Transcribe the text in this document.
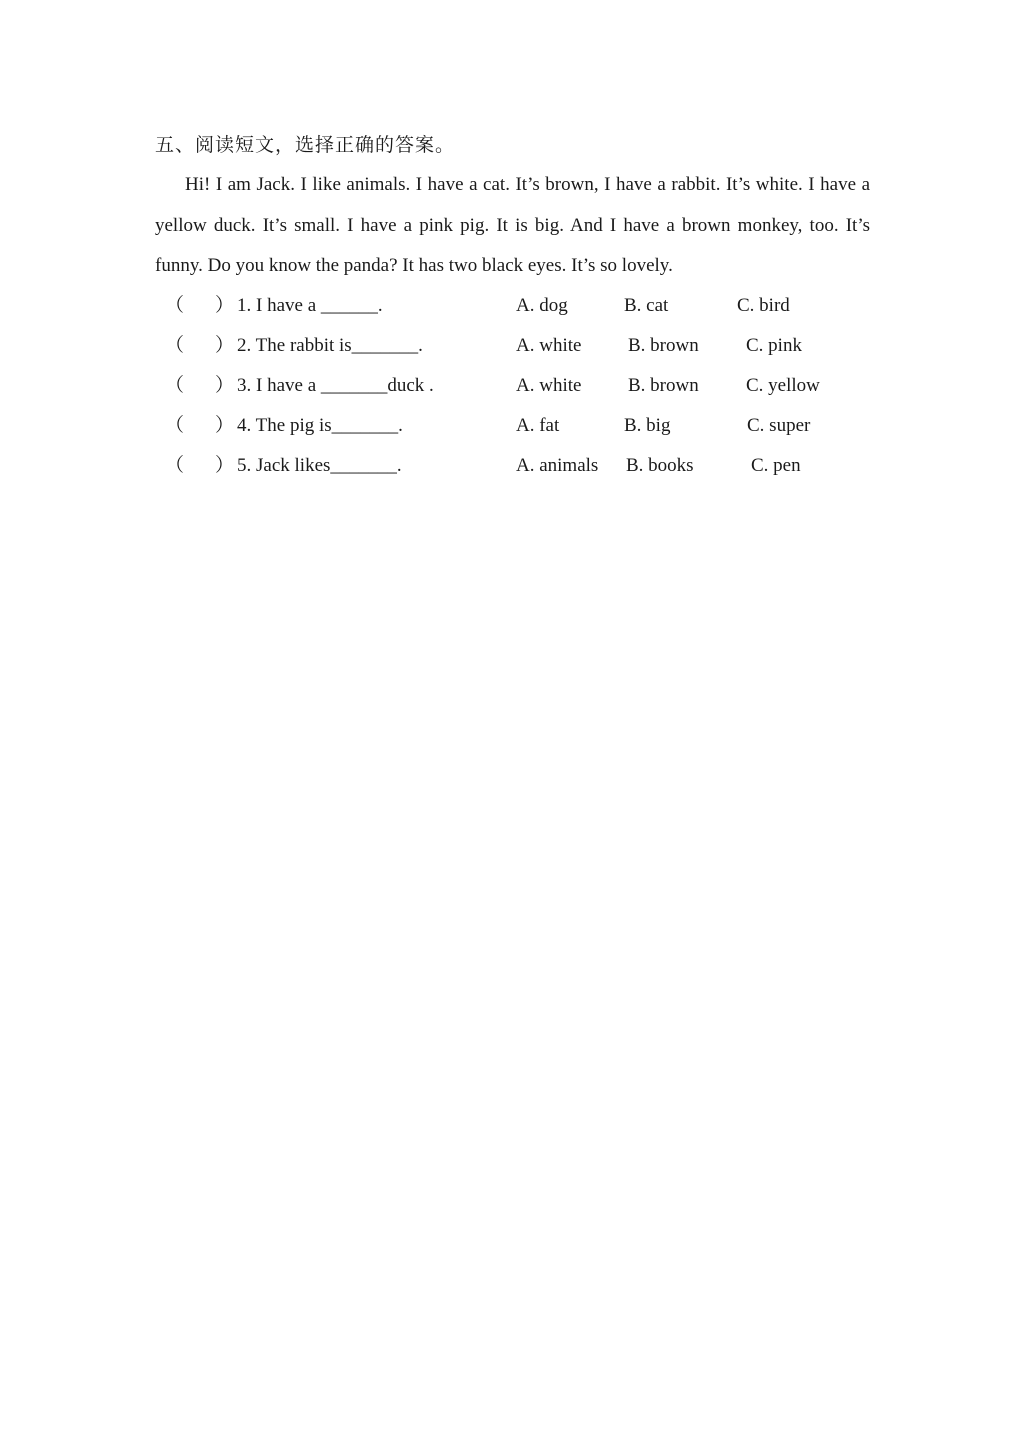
五、阅读短文，选择正确的答案。
Hi! I am Jack. I like animals. I have a cat. It’s brown, I have a rabbit. It’s white. I have a yellow duck. It’s small. I have a pink pig. It is big. And I have a brown monkey, too. It’s funny. Do you know the panda? It has two black eyes. It’s so lovely.
（ ） 1. I have a ______.	A. dog	B. cat	C. bird
（ ） 2. The rabbit is_______.	A. white B. brown C. pink
（ ） 3. I have a _______duck .	A. white B. brown C. yellow
（ ） 4. The pig is_______.	A. fat	B. big	C. super
（ ） 5. Jack likes_______.	A. animals B. books	C. pen
